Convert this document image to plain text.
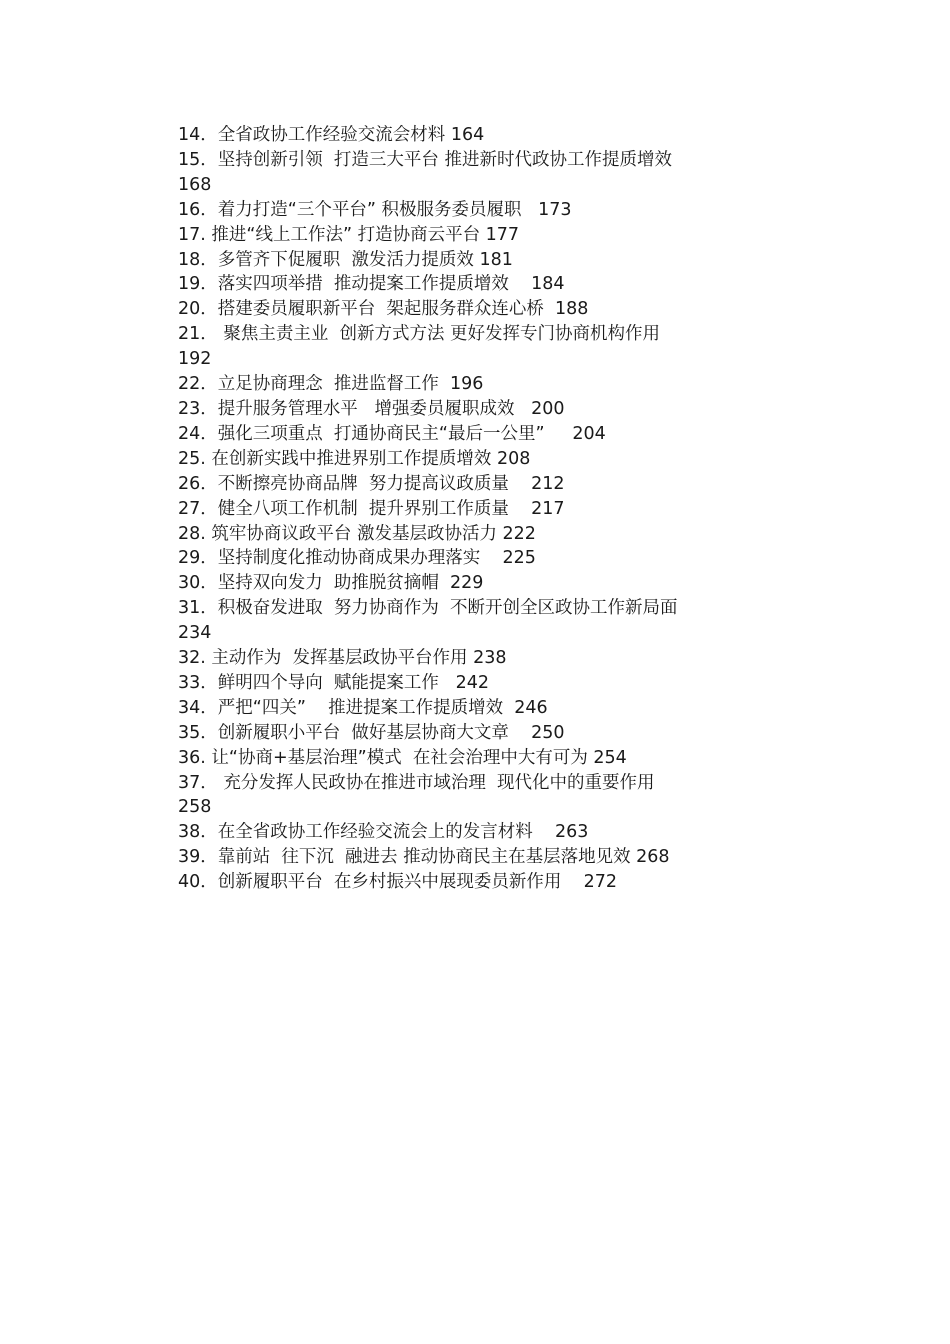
14．全省政协工作经验交流会材料 164
15．坚持创新引领  打造三大平台 推进新时代政协工作提质增效
168
16．着力打造“三个平台” 积极服务委员履职   173
17. 推进“线上工作法” 打造协商云平台 177
18．多管齐下促履职  激发活力提质效 181
19．落实四项举措  推动提案工作提质增效    184
20．搭建委员履职新平台  架起服务群众连心桥  188
21． 聚焦主责主业  创新方式方法 更好发挥专门协商机构作用
192
22．立足协商理念  推进监督工作  196
23．提升服务管理水平   增强委员履职成效   200
24．强化三项重点  打通协商民主“最后一公里”     204
25. 在创新实践中推进界别工作提质增效 208
26．不断擦亮协商品牌  努力提高议政质量    212
27．健全八项工作机制  提升界别工作质量    217
28. 筑牢协商议政平台 激发基层政协活力 222
29．坚持制度化推动协商成果办理落实    225
30．坚持双向发力  助推脱贫摘帽  229
31．积极奋发进取  努力协商作为  不断开创全区政协工作新局面
234
32. 主动作为  发挥基层政协平台作用 238
33．鲜明四个导向  赋能提案工作   242
34．严把“四关”    推进提案工作提质增效  246
35．创新履职小平台  做好基层协商大文章    250
36. 让“协商+基层治理”模式  在社会治理中大有可为 254
37． 充分发挥人民政协在推进市域治理  现代化中的重要作用
258
38．在全省政协工作经验交流会上的发言材料    263
39．靠前站  往下沉  融进去 推动协商民主在基层落地见效 268
40．创新履职平台  在乡村振兴中展现委员新作用    272
